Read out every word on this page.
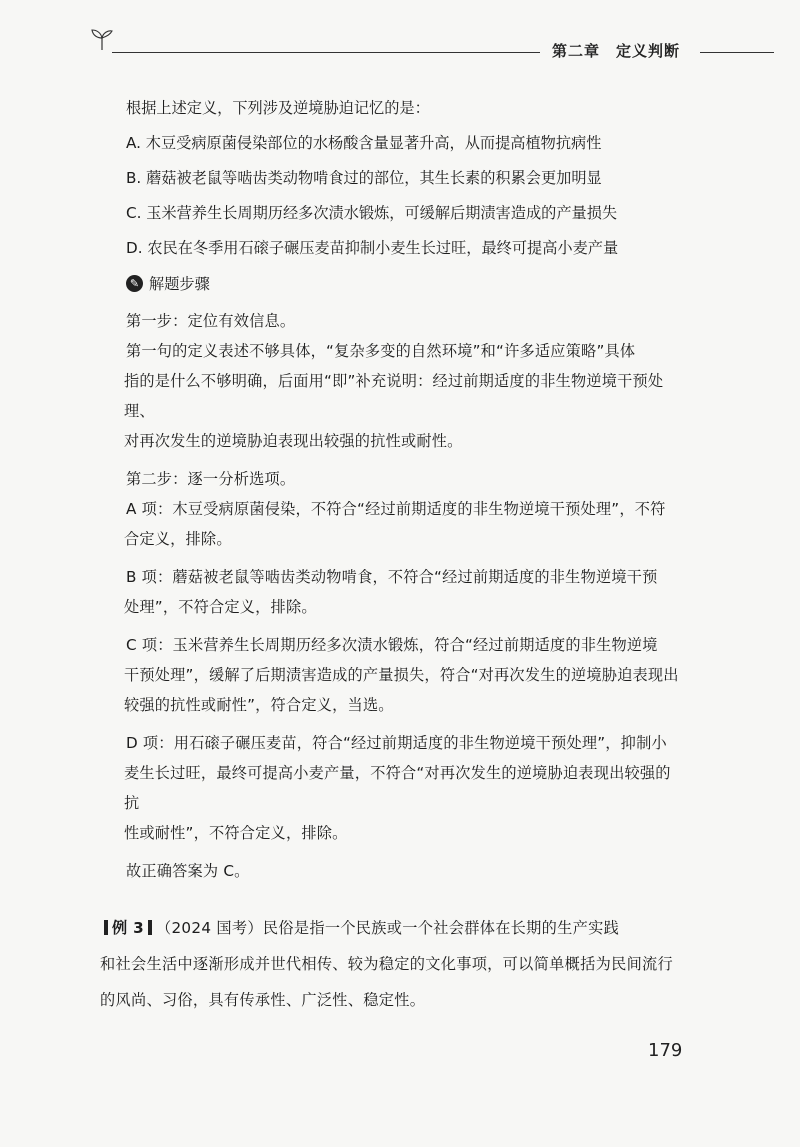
第二章 定义判断
根据上述定义，下列涉及逆境胁迫记忆的是：
A. 木豆受病原菌侵染部位的水杨酸含量显著升高，从而提高植物抗病性
B. 蘑菇被老鼠等啮齿类动物啃食过的部位，其生长素的积累会更加明显
C. 玉米营养生长周期历经多次渍水锻炼，可缓解后期渍害造成的产量损失
D. 农民在冬季用石磙子碾压麦苗抑制小麦生长过旺，最终可提高小麦产量
✎ 解题步骤
第一步：定位有效信息。
第一句的定义表述不够具体，“复杂多变的自然环境”和“许多适应策略”具体
指的是什么不够明确，后面用“即”补充说明：经过前期适度的非生物逆境干预处理、
对再次发生的逆境胁迫表现出较强的抗性或耐性。
第二步：逐一分析选项。
A 项：木豆受病原菌侵染，不符合“经过前期适度的非生物逆境干预处理”，不符
合定义，排除。
B 项：蘑菇被老鼠等啮齿类动物啃食，不符合“经过前期适度的非生物逆境干预
处理”，不符合定义，排除。
C 项：玉米营养生长周期历经多次渍水锻炼，符合“经过前期适度的非生物逆境
干预处理”，缓解了后期渍害造成的产量损失，符合“对再次发生的逆境胁迫表现出
较强的抗性或耐性”，符合定义，当选。
D 项：用石磙子碾压麦苗，符合“经过前期适度的非生物逆境干预处理”，抑制小
麦生长过旺，最终可提高小麦产量，不符合“对再次发生的逆境胁迫表现出较强的抗
性或耐性”，不符合定义，排除。
故正确答案为 C。
例 3 （2024 国考）民俗是指一个民族或一个社会群体在长期的生产实践
和社会生活中逐渐形成并世代相传、较为稳定的文化事项，可以简单概括为民间流行
的风尚、习俗，具有传承性、广泛性、稳定性。
179
